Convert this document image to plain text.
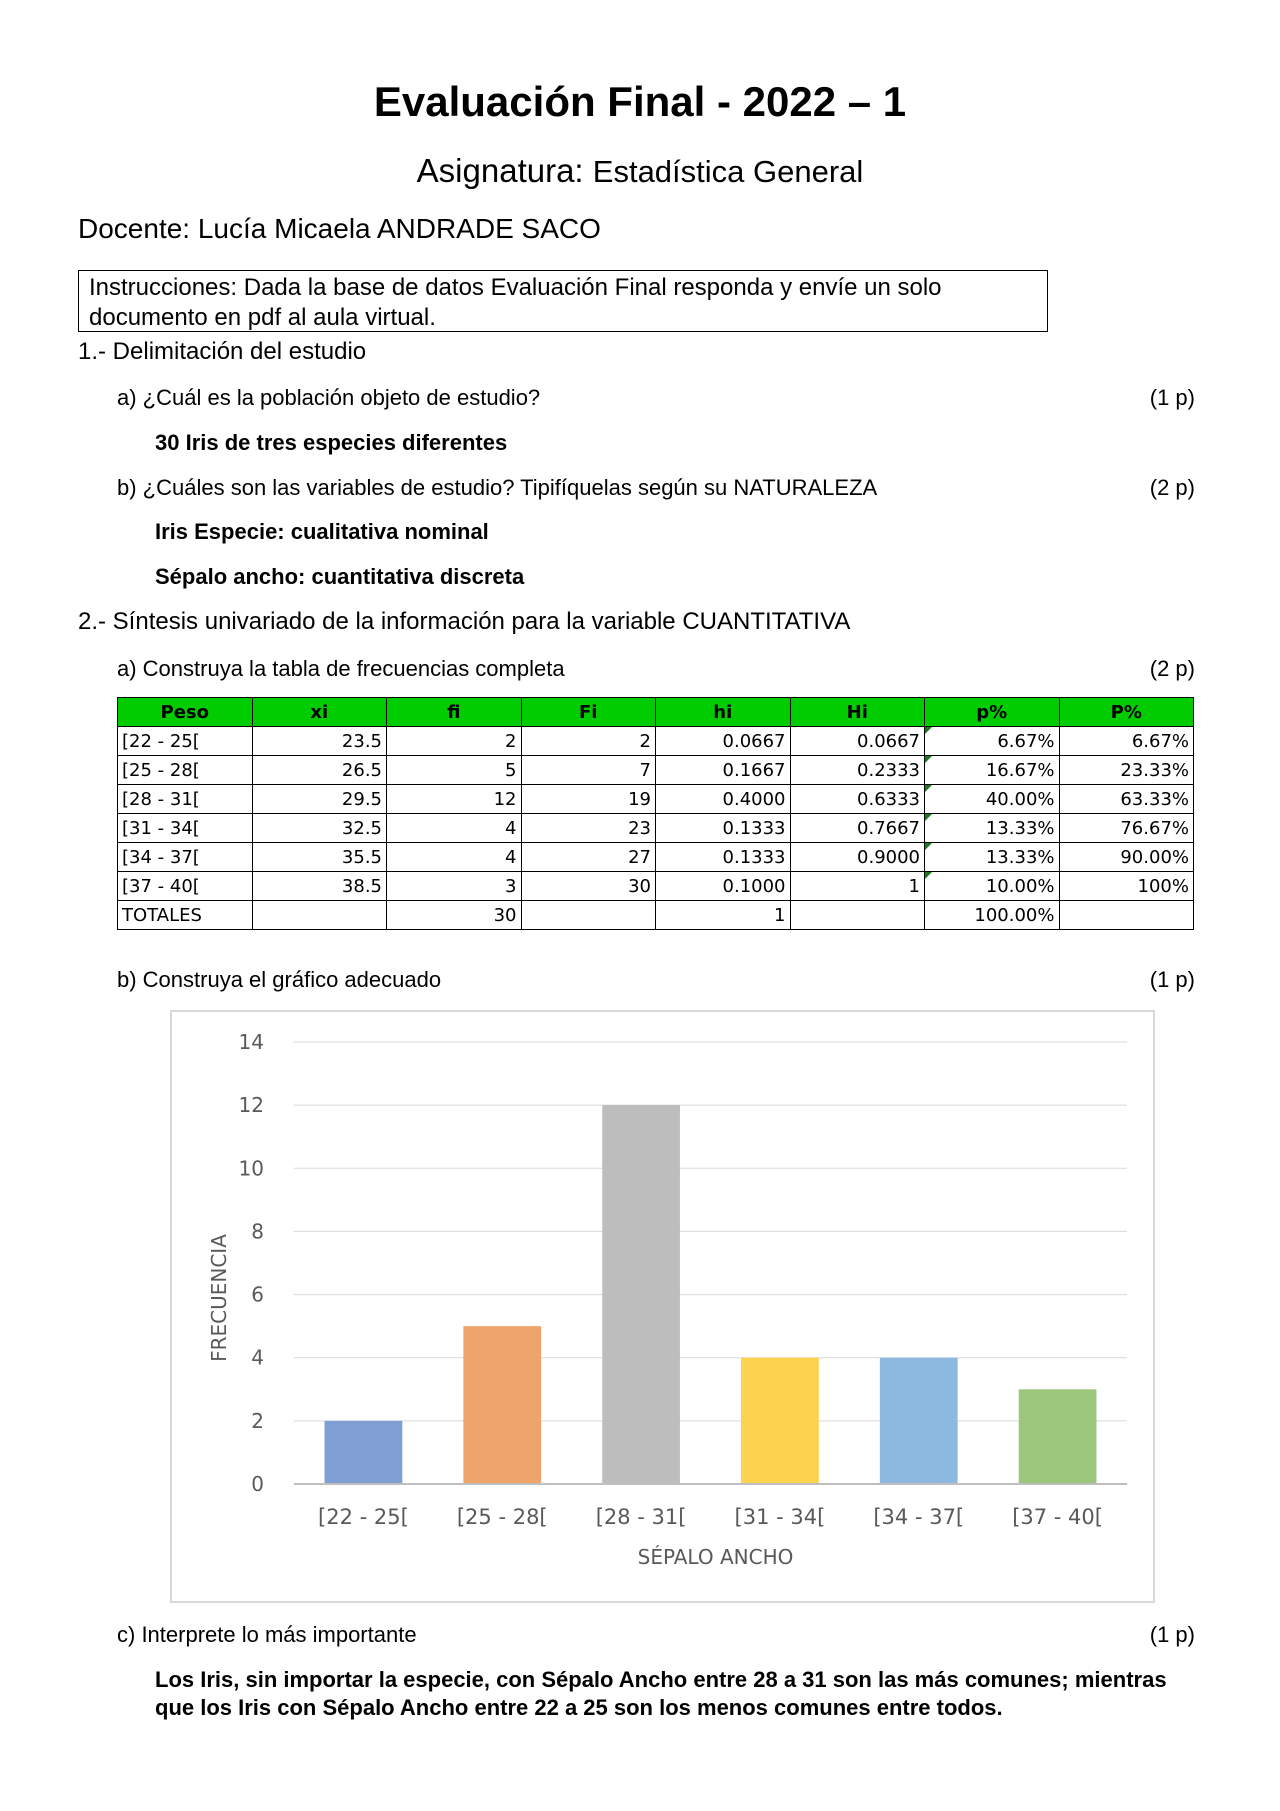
Evaluación Final - 2022 – 1
Asignatura: Estadística General
Docente: Lucía Micaela ANDRADE SACO
Instrucciones: Dada la base de datos Evaluación Final responda y envíe un solo documento en pdf al aula virtual.
1.- Delimitación del estudio
a) ¿Cuál es la población objeto de estudio?	(1 p)
30 Iris de tres especies diferentes
b) ¿Cuáles son las variables de estudio? Tipifíquelas según su NATURALEZA	(2 p)
Iris Especie: cualitativa nominal
Sépalo ancho: cuantitativa discreta
2.- Síntesis univariado de la información para la variable CUANTITATIVA
a) Construya la tabla de frecuencias completa	(2 p)
Peso	xi	fi	Fi	hi	Hi	p%	P%
[22 - 25[	23.5	2	2	0.0667	0.0667	6.67%	6.67%
[25 - 28[	26.5	5	7	0.1667	0.2333	16.67%	23.33%
[28 - 31[	29.5	12	19	0.4000	0.6333	40.00%	63.33%
[31 - 34[	32.5	4	23	0.1333	0.7667	13.33%	76.67%
[34 - 37[	35.5	4	27	0.1333	0.9000	13.33%	90.00%
[37 - 40[	38.5	3	30	0.1000	1	10.00%	100%
TOTALES		30		1		100.00%	
b) Construya el gráfico adecuado	(1 p)
0
2
4
6
8
10
12
14
[22 - 25[ [25 - 28[ [28 - 31[ [31 - 34[ [34 - 37[ [37 - 40[
SÉPALO ANCHO
FRECUENCIA
c) Interprete lo más importante	(1 p)
Los Iris, sin importar la especie, con Sépalo Ancho entre 28 a 31 son las más comunes; mientras que los Iris con Sépalo Ancho entre 22 a 25 son los menos comunes entre todos.
